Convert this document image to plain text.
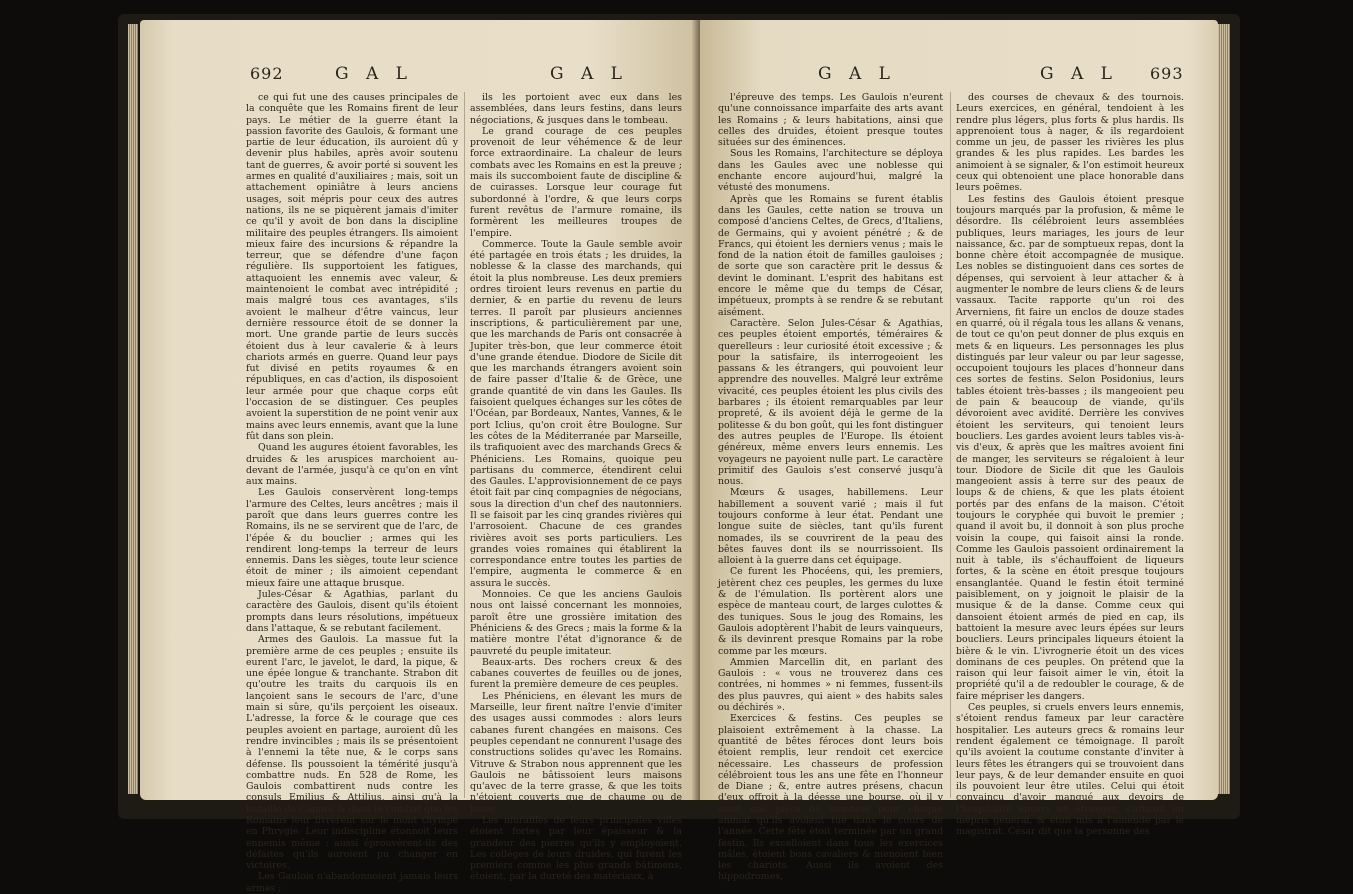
692	G A L	G A L

ce qui fut une des causes principales de la conquête que les Romains firent de leur pays. Le métier de la guerre étant la passion favorite des Gaulois, & formant une partie de leur éducation, ils auroient dû y devenir plus habiles, après avoir soutenu tant de guerres, & avoir porté si souvent les armes en qualité d'auxiliaires ; mais, soit un attachement opiniâtre à leurs anciens usages, soit mépris pour ceux des autres nations, ils ne se piquèrent jamais d'imiter ce qu'il y avoit de bon dans la discipline militaire des peuples étrangers. Ils aimoient mieux faire des incursions & répandre la terreur, que se défendre d'une façon régulière. Ils supportoient les fatigues, attaquoient les ennemis avec valeur, & maintenoient le combat avec intrépidité ; mais malgré tous ces avantages, s'ils avoient le malheur d'être vaincus, leur dernière ressource étoit de se donner la mort. Une grande partie de leurs succès étoient dus à leur cavalerie & à leurs chariots armés en guerre. Quand leur pays fut divisé en petits royaumes & en républiques, en cas d'action, ils disposoient leur armée pour que chaque corps eût l'occasion de se distinguer. Ces peuples avoient la superstition de ne point venir aux mains avec leurs ennemis, avant que la lune fût dans son plein.

Quand les augures étoient favorables, les druides & les aruspices marchoient au-devant de l'armée, jusqu'à ce qu'on en vînt aux mains.

Les Gaulois conservèrent long-temps l'armure des Celtes, leurs ancêtres ; mais il paroît que dans leurs guerres contre les Romains, ils ne se servirent que de l'arc, de l'épée & du bouclier ; armes qui les rendirent long-temps la terreur de leurs ennemis. Dans les sièges, toute leur science étoit de miner ; ils aimoient cependant mieux faire une attaque brusque.

Jules-César & Agathias, parlant du caractère des Gaulois, disent qu'ils étoient prompts dans leurs résolutions, impétueux dans l'attaque, & se rebutant facilement.

Armes des Gaulois. La massue fut la première arme de ces peuples ; ensuite ils eurent l'arc, le javelot, le dard, la pique, & une épée longue & tranchante. Strabon dit qu'outre les traits du carquois ils en lançoient sans le secours de l'arc, d'une main si sûre, qu'ils perçoient les oiseaux. L'adresse, la force & le courage que ces peuples avoient en partage, auroient dû les rendre invincibles ; mais ils se présentoient à l'ennemi la tête nue, & le corps sans défense. Ils poussoient la témérité jusqu'à combattre nuds. En 528 de Rome, les Gaulois combattirent nuds contre les consuls Emilius & Attilius, ainsi qu'à la bataille de Cannes & dans le combat que les Romains leur livrèrent sur le mont Olympe en Phrygie. Leur indiscipline étonnoit leurs ennemis même : aussi éprouvèrent-ils des défaites qu'ils auroient pu changer en victoires.

Les Gaulois n'abandonnoient jamais leurs armes ;

ils les portoient avec eux dans les assemblées, dans leurs festins, dans leurs négociations, & jusques dans le tombeau.

Le grand courage de ces peuples provenoit de leur véhémence & de leur force extraordinaire. La chaleur de leurs combats avec les Romains en est la preuve ; mais ils succomboient faute de discipline & de cuirasses. Lorsque leur courage fut subordonné à l'ordre, & que leurs corps furent revêtus de l'armure romaine, ils formèrent les meilleures troupes de l'empire.

Commerce. Toute la Gaule semble avoir été partagée en trois états ; les druides, la noblesse & la classe des marchands, qui étoit la plus nombreuse. Les deux premiers ordres tiroient leurs revenus en partie du dernier, & en partie du revenu de leurs terres. Il paroît par plusieurs anciennes inscriptions, & particulièrement par une, que les marchands de Paris ont consacrée à Jupiter très-bon, que leur commerce étoit d'une grande étendue. Diodore de Sicile dit que les marchands étrangers avoient soin de faire passer d'Italie & de Grèce, une grande quantité de vin dans les Gaules. Ils faisoient quelques échanges sur les côtes de l'Océan, par Bordeaux, Nantes, Vannes, & le port Iclius, qu'on croit être Boulogne. Sur les côtes de la Méditerranée par Marseille, ils trafiquoient avec des marchands Grecs & Phéniciens. Les Romains, quoique peu partisans du commerce, étendirent celui des Gaules. L'approvisionnement de ce pays étoit fait par cinq compagnies de négocians, sous la direction d'un chef des nautonniers. Il se faisoit par les cinq grandes rivières qui l'arrosoient. Chacune de ces grandes rivières avoit ses ports particuliers. Les grandes voies romaines qui établirent la correspondance entre toutes les parties de l'empire, augmenta le commerce & en assura le succès.

Monnoies. Ce que les anciens Gaulois nous ont laissé concernant les monnoies, paroît être une grossière imitation des Phéniciens & des Grecs ; mais la forme & la matière montre l'état d'ignorance & de pauvreté du peuple imitateur.

Beaux-arts. Des rochers creux & des cabanes couvertes de feuilles ou de jones, furent la première demeure de ces peuples.

Les Phéniciens, en élevant les murs de Marseille, leur firent naître l'envie d'imiter des usages aussi commodes : alors leurs cabanes furent changées en maisons. Ces peuples cependant ne connurent l'usage des constructions solides qu'avec les Romains. Vitruve & Strabon nous apprennent que les Gaulois ne bâtissoient leurs maisons qu'avec de la terre grasse, & que les toits n'étoient couverts que de chaume ou de jones.

Les murailles de leurs principales villes étoient fortes par leur épaisseur & la grandeur des pierres qu'ils y employoient. Les colléges de leurs druides, qui furent les premiers comme les plus grands bâtimens, étoient, par la dureté des matériaux, à

G A L	G A L 693

l'épreuve des temps. Les Gaulois n'eurent qu'une connoissance imparfaite des arts avant les Romains ; & leurs habitations, ainsi que celles des druides, étoient presque toutes situées sur des éminences.

Sous les Romains, l'architecture se déploya dans les Gaules avec une noblesse qui enchante encore aujourd'hui, malgré la vétusté des monumens.

Après que les Romains se furent établis dans les Gaules, cette nation se trouva un composé d'anciens Celtes, de Grecs, d'Italiens, de Germains, qui y avoient pénétré ; & de Francs, qui étoient les derniers venus ; mais le fond de la nation étoit de familles gauloises ; de sorte que son caractère prit le dessus & devint le dominant. L'esprit des habitans est encore le même que du temps de César, impétueux, prompts à se rendre & se rebutant aisément.

Caractère. Selon Jules-César & Agathias, ces peuples étoient emportés, téméraires & querelleurs : leur curiosité étoit excessive ; & pour la satisfaire, ils interrogeoient les passans & les étrangers, qui pouvoient leur apprendre des nouvelles. Malgré leur extrême vivacité, ces peuples étoient les plus civils des barbares ; ils étoient remarquables par leur propreté, & ils avoient déjà le germe de la politesse & du bon goût, qui les font distinguer des autres peuples de l'Europe. Ils étoient généreux, même envers leurs ennemis. Les voyageurs ne payoient nulle part. Le caractère primitif des Gaulois s'est conservé jusqu'à nous.

Mœurs & usages, habillemens. Leur habillement a souvent varié ; mais il fut toujours conforme à leur état. Pendant une longue suite de siècles, tant qu'ils furent nomades, ils se couvrirent de la peau des bêtes fauves dont ils se nourrissoient. Ils alloient à la guerre dans cet équipage.

Ce furent les Phocéens, qui, les premiers, jetèrent chez ces peuples, les germes du luxe & de l'émulation. Ils portèrent alors une espèce de manteau court, de larges culottes & des tuniques. Sous le joug des Romains, les Gaulois adoptèrent l'habit de leurs vainqueurs, & ils devinrent presque Romains par la robe comme par les mœurs.

Ammien Marcellin dit, en parlant des Gaulois : « vous ne trouverez dans ces contrées, ni hommes » ni femmes, fussent-ils des plus pauvres, qui aient » des habits sales ou déchirés ».

Exercices & festins. Ces peuples se plaisoient extrêmement à la chasse. La quantité de bêtes féroces dont leurs bois étoient remplis, leur rendoit cet exercice nécessaire. Les chasseurs de profession célébroient tous les ans une fête en l'honneur de Diane ; &, entre autres présens, chacun d'eux offroit à la déesse une bourse, où il y avoit une pièce de monnoie pour chaque animal qu'ils avoient tué dans le cours de l'année. Cette fête étoit terminée par un grand festin. Ils excelloient dans tous les exercices mâles, étoient bons cavaliers & menoient bien les chariots. Aussi ils avoient des hippodromes,

des courses de chevaux & des tournois. Leurs exercices, en général, tendoient à les rendre plus légers, plus forts & plus hardis. Ils apprenoient tous à nager, & ils regardoient comme un jeu, de passer les rivières les plus grandes & les plus rapides. Les bardes les animoient à se signaler, & l'on estimoit heureux ceux qui obtenoient une place honorable dans leurs poëmes.

Les festins des Gaulois étoient presque toujours marqués par la profusion, & même le désordre. Ils célébroient leurs assemblées publiques, leurs mariages, les jours de leur naissance, &c. par de somptueux repas, dont la bonne chère étoit accompagnée de musique. Les nobles se distinguoient dans ces sortes de dépenses, qui servoient à leur attacher & à augmenter le nombre de leurs cliens & de leurs vassaux. Tacite rapporte qu'un roi des Arverniens, fit faire un enclos de douze stades en quarré, où il régala tous les allans & venans, de tout ce qu'on peut donner de plus exquis en mets & en liqueurs. Les personnages les plus distingués par leur valeur ou par leur sagesse, occupoient toujours les places d'honneur dans ces sortes de festins. Selon Posidonius, leurs tables étoient très-basses ; ils mangeoient peu de pain & beaucoup de viande, qu'ils dévoroient avec avidité. Derrière les convives étoient les serviteurs, qui tenoient leurs boucliers. Les gardes avoient leurs tables vis-à-vis d'eux, & après que les maîtres avoient fini de manger, les serviteurs se régaloient à leur tour. Diodore de Sicile dit que les Gaulois mangeoient assis à terre sur des peaux de loups & de chiens, & que les plats étoient portés par des enfans de la maison. C'étoit toujours le coryphée qui buvoit le premier ; quand il avoit bu, il donnoit à son plus proche voisin la coupe, qui faisoit ainsi la ronde. Comme les Gaulois passoient ordinairement la nuit à table, ils s'échauffoient de liqueurs fortes, & la scène en étoit presque toujours ensanglantée. Quand le festin étoit terminé paisiblement, on y joignoit le plaisir de la musique & de la danse. Comme ceux qui dansoient étoient armés de pied en cap, ils battoient la mesure avec leurs épées sur leurs boucliers. Leurs principales liqueurs étoient la bière & le vin. L'ivrognerie étoit un des vices dominans de ces peuples. On prétend que la raison qui leur faisoit aimer le vin, étoit la propriété qu'il a de redoubler le courage, & de faire mépriser les dangers.

Ces peuples, si cruels envers leurs ennemis, s'étoient rendus fameux par leur caractère hospitalier. Les auteurs grecs & romains leur rendent également ce témoignage. Il paroît qu'ils avoient la coutume constante d'inviter à leurs fêtes les étrangers qui se trouvoient dans leur pays, & de leur demander ensuite en quoi ils pouvoient leur être utiles. Celui qui étoit convaincu d'avoir manqué aux devoirs de l'hospitalité envers un étranger, s'attiroit un mépris général, & étoit mis à l'amende par le magistrat. César dit que la personne des
